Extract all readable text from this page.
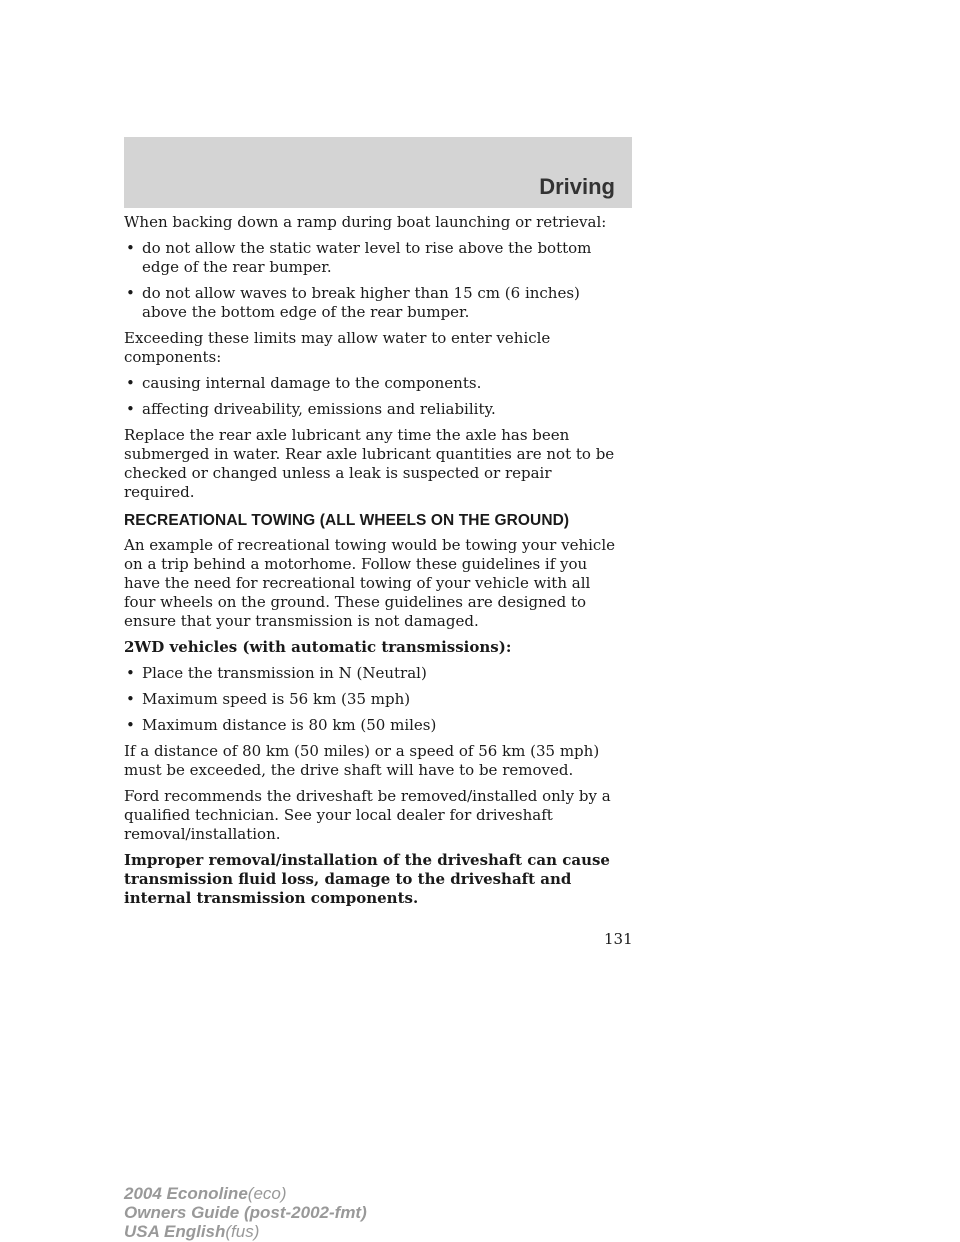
Driving

When backing down a ramp during boat launching or retrieval:

• do not allow the static water level to rise above the bottom edge of the rear bumper.
• do not allow waves to break higher than 15 cm (6 inches) above the bottom edge of the rear bumper.

Exceeding these limits may allow water to enter vehicle components:

• causing internal damage to the components.
• affecting driveability, emissions and reliability.

Replace the rear axle lubricant any time the axle has been submerged in water. Rear axle lubricant quantities are not to be checked or changed unless a leak is suspected or repair required.

RECREATIONAL TOWING (ALL WHEELS ON THE GROUND)

An example of recreational towing would be towing your vehicle on a trip behind a motorhome. Follow these guidelines if you have the need for recreational towing of your vehicle with all four wheels on the ground. These guidelines are designed to ensure that your transmission is not damaged.

2WD vehicles (with automatic transmissions):

• Place the transmission in N (Neutral)
• Maximum speed is 56 km (35 mph)
• Maximum distance is 80 km (50 miles)

If a distance of 80 km (50 miles) or a speed of 56 km (35 mph) must be exceeded, the drive shaft will have to be removed.

Ford recommends the driveshaft be removed/installed only by a qualified technician. See your local dealer for driveshaft removal/installation.

Improper removal/installation of the driveshaft can cause transmission fluid loss, damage to the driveshaft and internal transmission components.

131

2004 Econoline(eco)
Owners Guide (post-2002-fmt)
USA English(fus)
